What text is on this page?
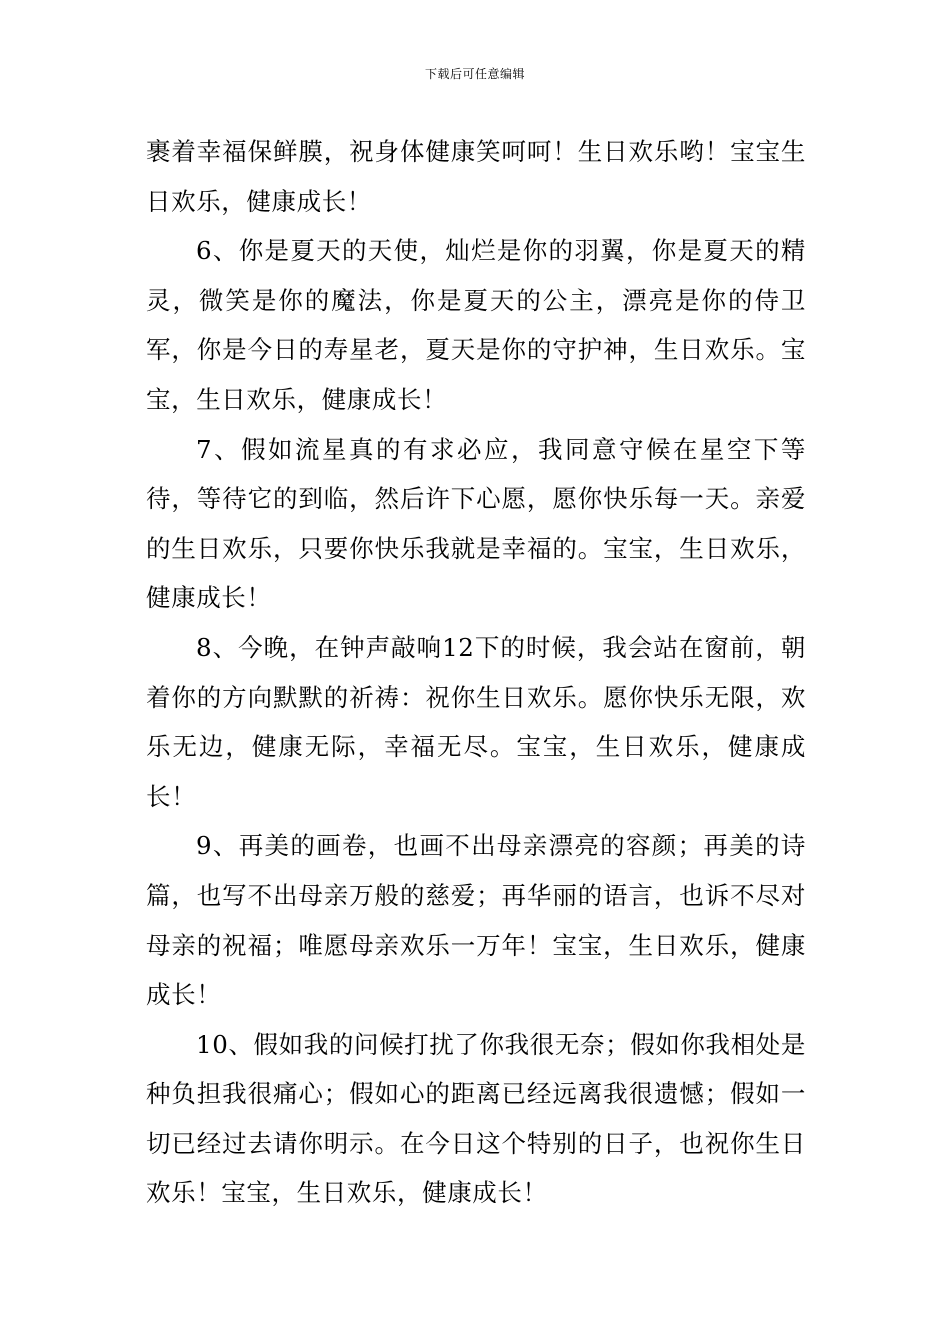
下载后可任意编辑

裹着幸福保鲜膜，祝身体健康笑呵呵！生日欢乐哟！宝宝生日欢乐，健康成长！

6、你是夏天的天使，灿烂是你的羽翼，你是夏天的精灵，微笑是你的魔法，你是夏天的公主，漂亮是你的侍卫军，你是今日的寿星老，夏天是你的守护神，生日欢乐。宝宝，生日欢乐，健康成长！

7、假如流星真的有求必应，我同意守候在星空下等待，等待它的到临，然后许下心愿，愿你快乐每一天。亲爱的生日欢乐，只要你快乐我就是幸福的。宝宝，生日欢乐，健康成长！

8、今晚，在钟声敲响12下的时候，我会站在窗前，朝着你的方向默默的祈祷：祝你生日欢乐。愿你快乐无限，欢乐无边，健康无际，幸福无尽。宝宝，生日欢乐，健康成长！

9、再美的画卷，也画不出母亲漂亮的容颜；再美的诗篇，也写不出母亲万般的慈爱；再华丽的语言，也诉不尽对母亲的祝福；唯愿母亲欢乐一万年！宝宝，生日欢乐，健康成长！

10、假如我的问候打扰了你我很无奈；假如你我相处是种负担我很痛心；假如心的距离已经远离我很遗憾；假如一切已经过去请你明示。在今日这个特别的日子，也祝你生日欢乐！宝宝，生日欢乐，健康成长！
